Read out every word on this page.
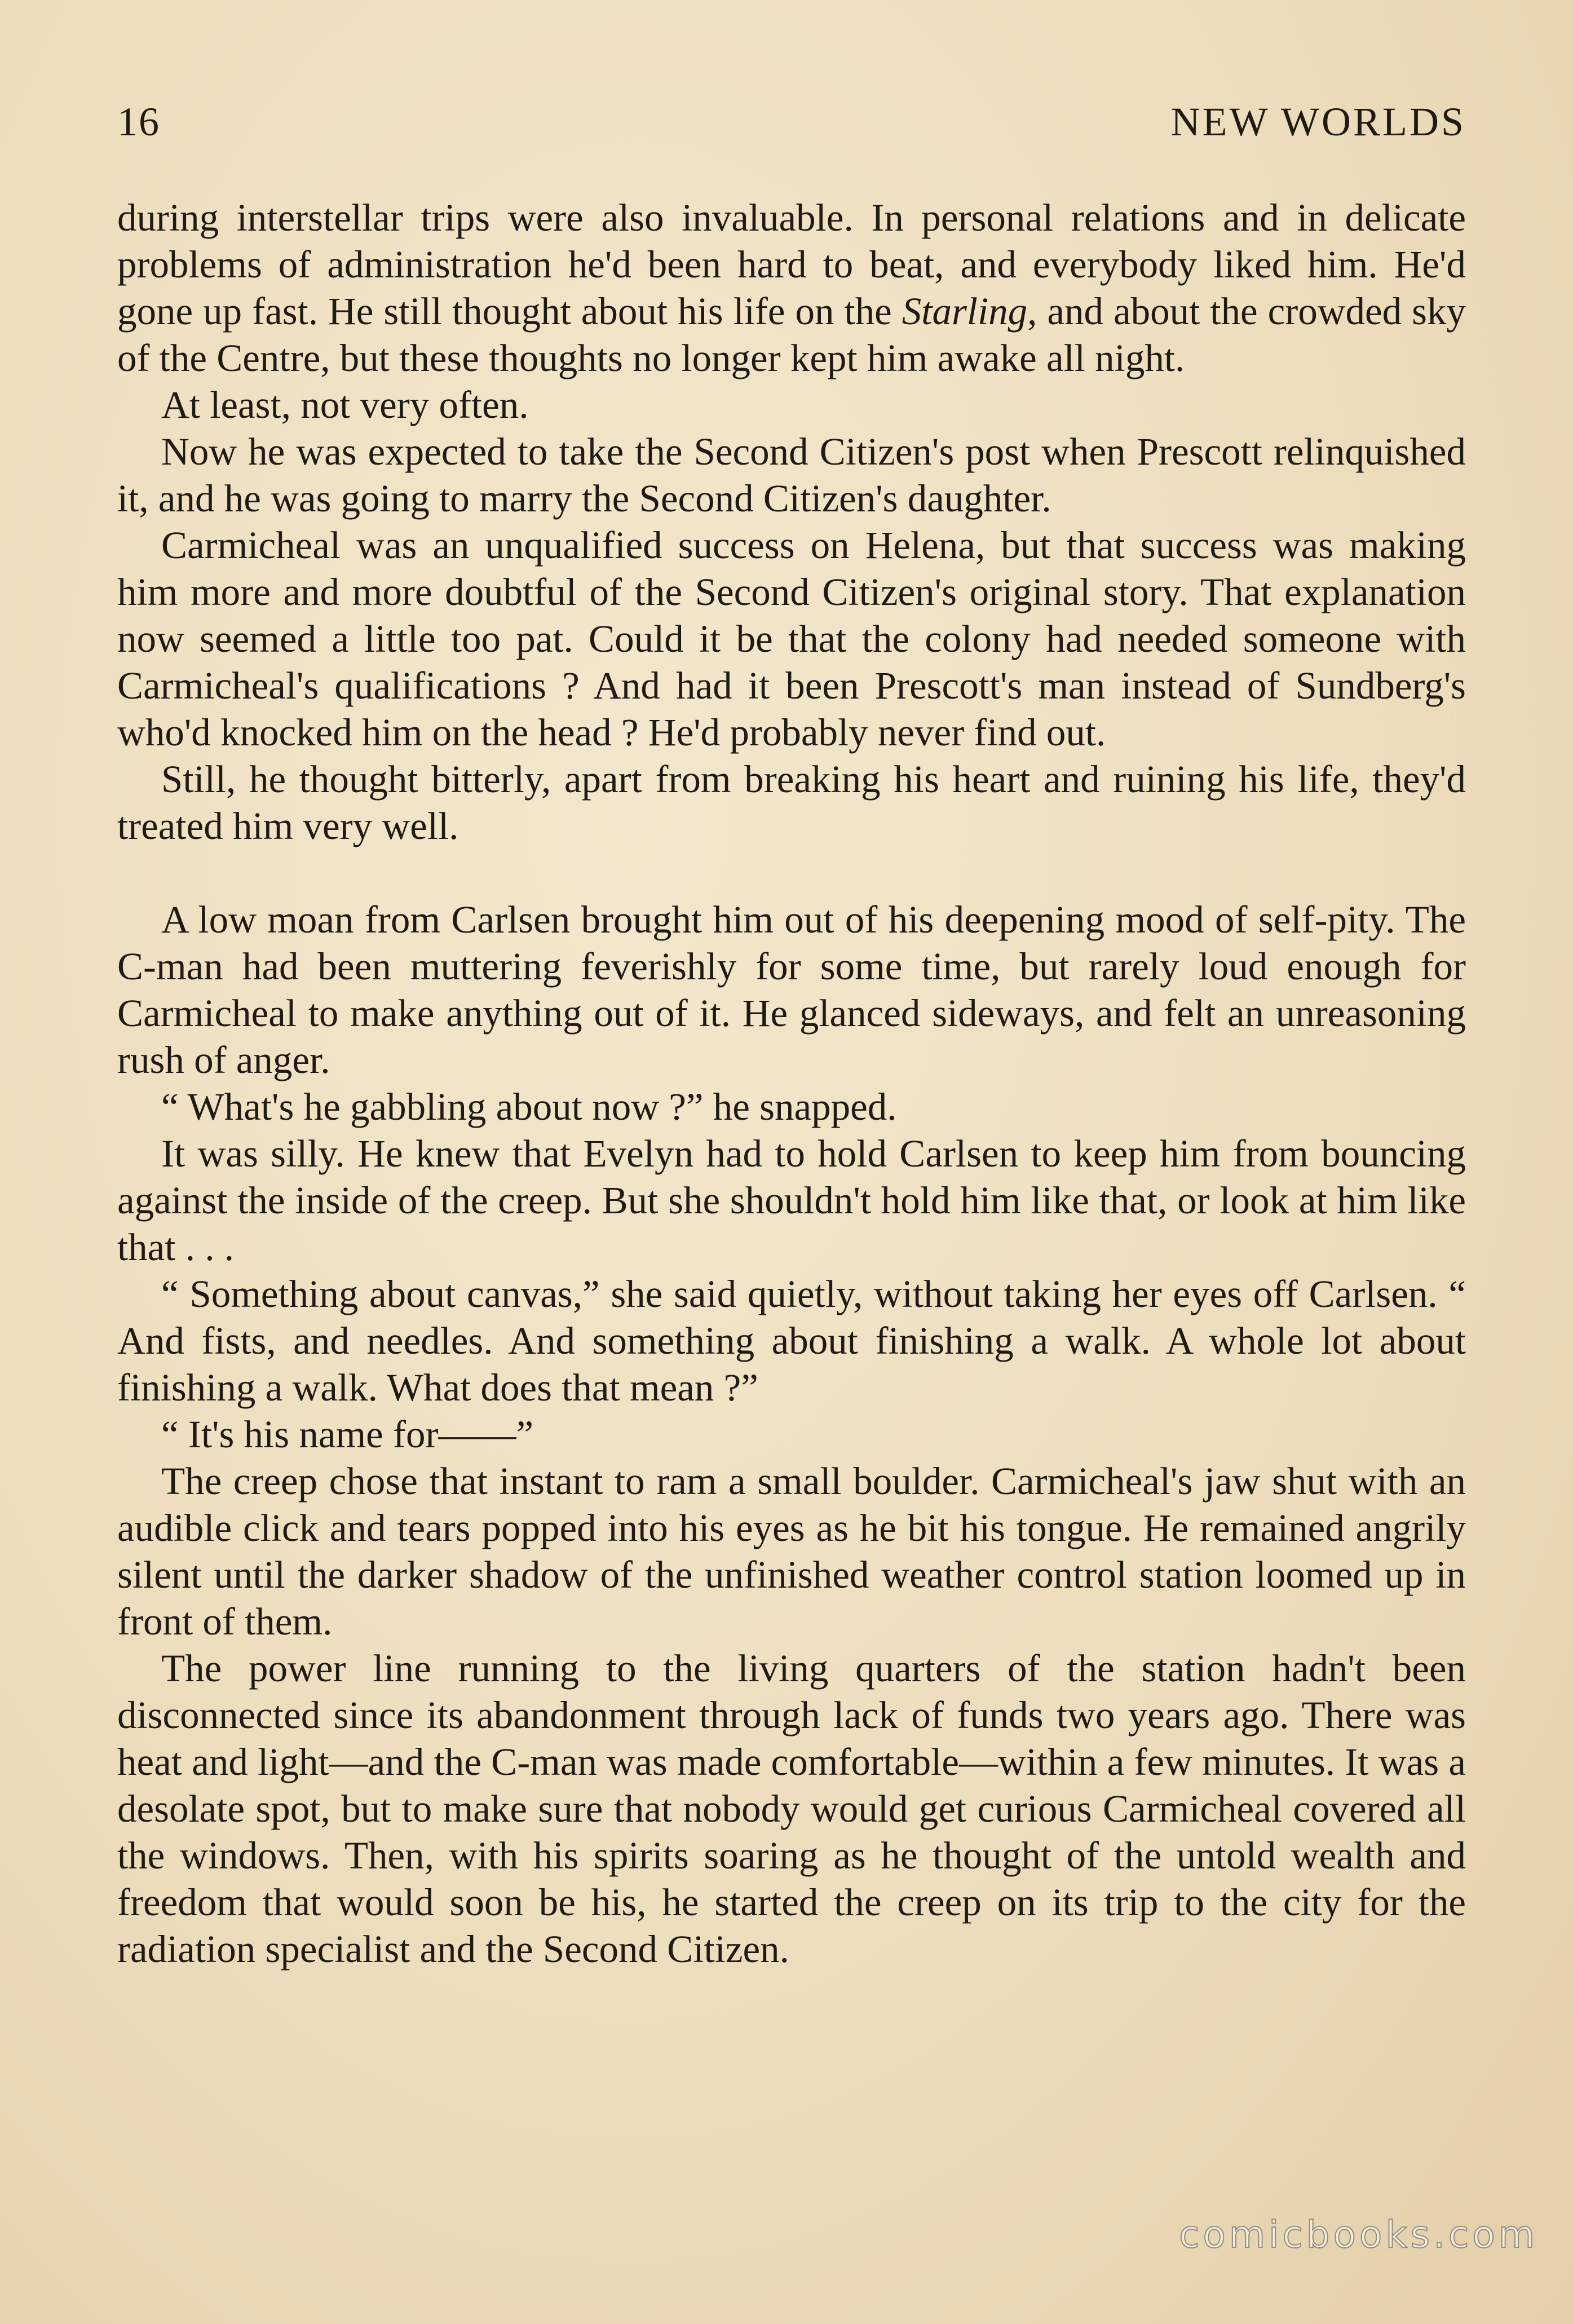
16	NEW WORLDS

during interstellar trips were also invaluable. In personal relations and in delicate problems of administration he'd been hard to beat, and everybody liked him. He'd gone up fast. He still thought about his life on the Starling, and about the crowded sky of the Centre, but these thoughts no longer kept him awake all night.

At least, not very often.

Now he was expected to take the Second Citizen's post when Prescott relinquished it, and he was going to marry the Second Citizen's daughter.

Carmicheal was an unqualified success on Helena, but that success was making him more and more doubtful of the Second Citizen's original story. That explanation now seemed a little too pat. Could it be that the colony had needed someone with Carmicheal's qualifications ? And had it been Prescott's man instead of Sundberg's who'd knocked him on the head ? He'd probably never find out.

Still, he thought bitterly, apart from breaking his heart and ruining his life, they'd treated him very well.

A low moan from Carlsen brought him out of his deepening mood of self-pity. The C-man had been muttering feverishly for some time, but rarely loud enough for Carmicheal to make anything out of it. He glanced sideways, and felt an unreasoning rush of anger.

“ What's he gabbling about now ?” he snapped.

It was silly. He knew that Evelyn had to hold Carlsen to keep him from bouncing against the inside of the creep. But she shouldn't hold him like that, or look at him like that . . .

“ Something about canvas,” she said quietly, without taking her eyes off Carlsen. “ And fists, and needles. And something about finishing a walk. A whole lot about finishing a walk. What does that mean ?”

“ It's his name for——”

The creep chose that instant to ram a small boulder. Carmicheal's jaw shut with an audible click and tears popped into his eyes as he bit his tongue. He remained angrily silent until the darker shadow of the unfinished weather control station loomed up in front of them.

The power line running to the living quarters of the station hadn't been disconnected since its abandonment through lack of funds two years ago. There was heat and light—and the C-man was made comfortable—within a few minutes. It was a desolate spot, but to make sure that nobody would get curious Carmicheal covered all the windows. Then, with his spirits soaring as he thought of the untold wealth and freedom that would soon be his, he started the creep on its trip to the city for the radiation specialist and the Second Citizen.

comicbooks.com
